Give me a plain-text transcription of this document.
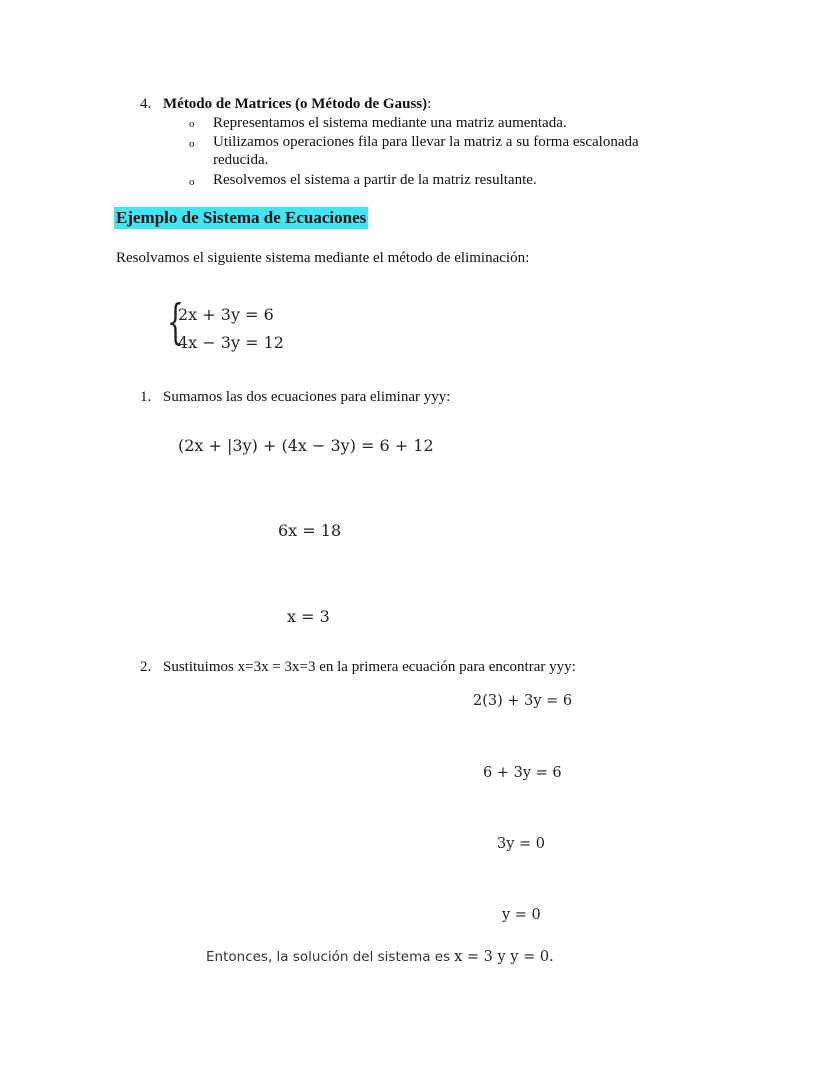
4. Método de Matrices (o Método de Gauss):
o Representamos el sistema mediante una matriz aumentada.
o Utilizamos operaciones fila para llevar la matriz a su forma escalonada
reducida.
o Resolvemos el sistema a partir de la matriz resultante.
Ejemplo de Sistema de Ecuaciones
Resolvamos el siguiente sistema mediante el método de eliminación:
{
2x + 3y = 6
4x − 3y = 12
1. Sumamos las dos ecuaciones para eliminar yyy:
(2x + |3y) + (4x − 3y) = 6 + 12
6x = 18
x = 3
2. Sustituimos x=3x = 3x=3 en la primera ecuación para encontrar yyy:
2(3) + 3y = 6
6 + 3y = 6
3y = 0
y = 0
Entonces, la solución del sistema es x = 3 y y = 0.
